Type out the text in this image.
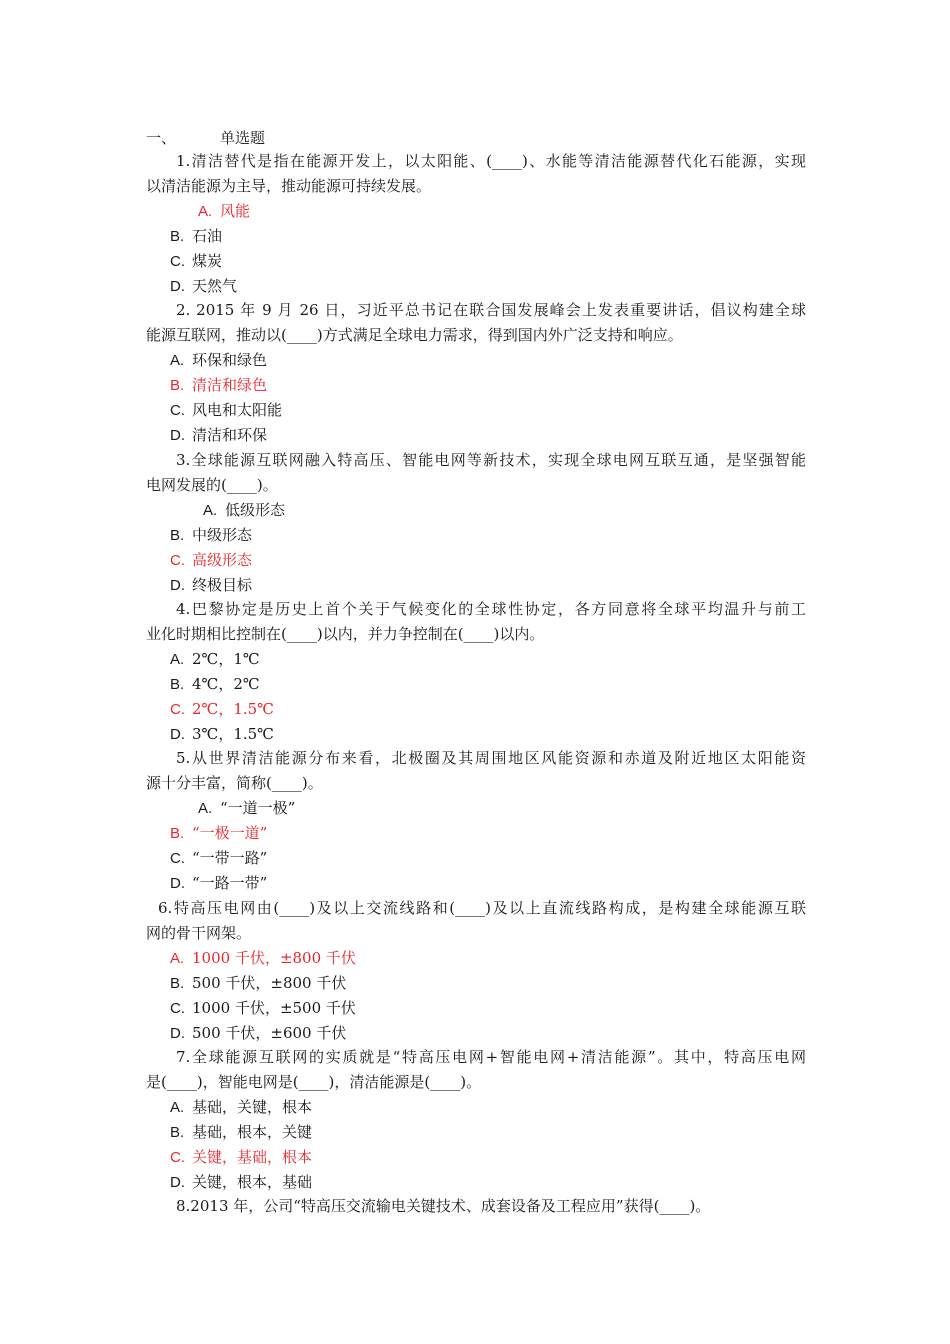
一、	单选题
1.清洁替代是指在能源开发上，以太阳能、(____)、水能等清洁能源替代化石能源，实现
以清洁能源为主导，推动能源可持续发展。
A. 风能
B. 石油
C. 煤炭
D. 天然气
2. 2015 年 9 月 26 日，习近平总书记在联合国发展峰会上发表重要讲话，倡议构建全球
能源互联网，推动以(____)方式满足全球电力需求，得到国内外广泛支持和响应。
A. 环保和绿色
B. 清洁和绿色
C. 风电和太阳能
D. 清洁和环保
3.全球能源互联网融入特高压、智能电网等新技术，实现全球电网互联互通，是坚强智能
电网发展的(____)。
A. 低级形态
B. 中级形态
C. 高级形态
D. 终极目标
4.巴黎协定是历史上首个关于气候变化的全球性协定，各方同意将全球平均温升与前工
业化时期相比控制在(____)以内，并力争控制在(____)以内。
A. 2℃，1℃
B. 4℃，2℃
C. 2℃，1.5℃
D. 3℃，1.5℃
5.从世界清洁能源分布来看，北极圈及其周围地区风能资源和赤道及附近地区太阳能资
源十分丰富，简称(____)。
A. “一道一极”
B. “一极一道”
C. “一带一路”
D. “一路一带”
6.特高压电网由(____)及以上交流线路和(____)及以上直流线路构成，是构建全球能源互联
网的骨干网架。
A. 1000 千伏，±800 千伏
B. 500 千伏，±800 千伏
C. 1000 千伏，±500 千伏
D. 500 千伏，±600 千伏
7.全球能源互联网的实质就是“特高压电网+智能电网+清洁能源”。其中，特高压电网
是(____)，智能电网是(____)，清洁能源是(____)。
A. 基础，关键，根本
B. 基础，根本，关键
C. 关键，基础，根本
D. 关键，根本，基础
8.2013 年，公司“特高压交流输电关键技术、成套设备及工程应用”获得(____)。
